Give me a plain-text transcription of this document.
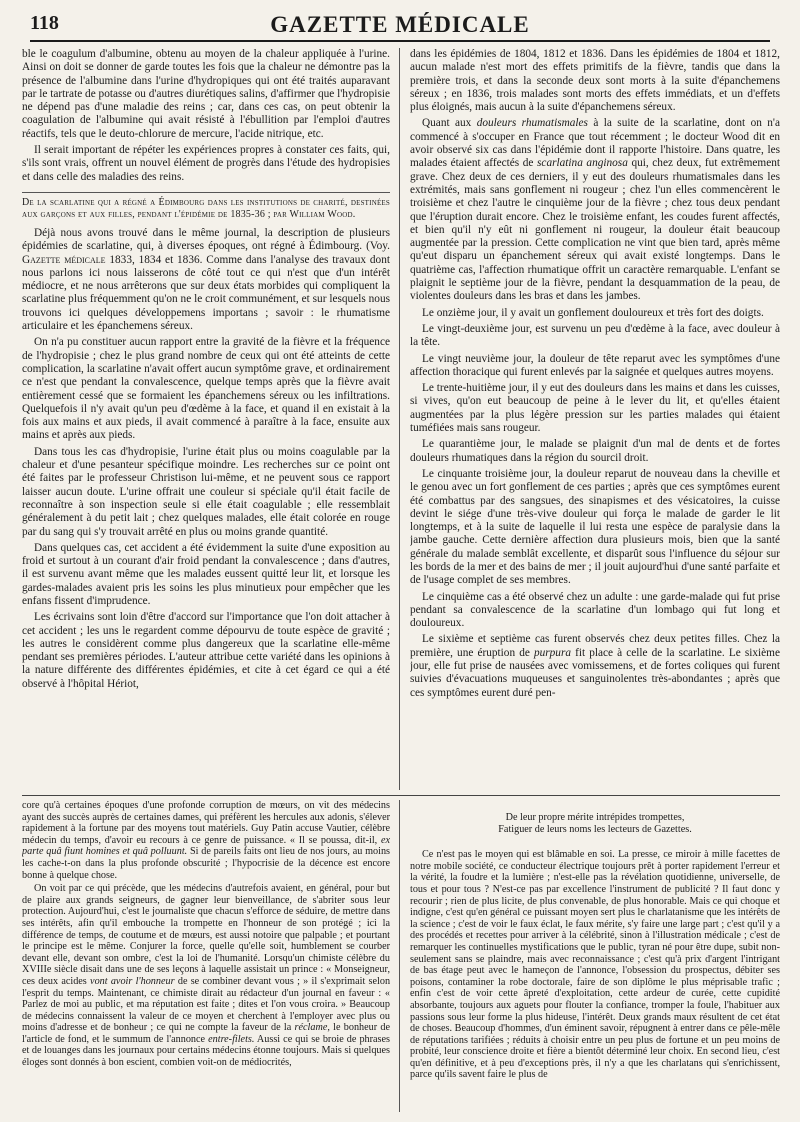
118	GAZETTE MÉDICALE

ble le coagulum d'albumine, obtenu au moyen de la chaleur appliquée à l'urine. Ainsi on doit se donner de garde toutes les fois que la chaleur ne démontre pas la présence de l'albumine dans l'urine d'hydropiques qui ont été traités auparavant par le tartrate de potasse ou d'autres diurétiques salins, d'affirmer que l'hydropisie ne dépend pas d'une maladie des reins ; car, dans ces cas, on peut obtenir la coagulation de l'albumine qui avait résisté à l'ébullition par l'emploi d'autres réactifs, tels que le deuto-chlorure de mercure, l'acide nitrique, etc.

Il serait important de répéter les expériences propres à constater ces faits, qui, s'ils sont vrais, offrent un nouvel élément de progrès dans l'étude des hydropisies et dans celle des maladies des reins.

De la scarlatine qui a régné a Édimbourg dans les institutions de charité, destinées aux garçons et aux filles, pendant l'épidémie de 1835-36 ; par William Wood.

Déjà nous avons trouvé dans le même journal, la description de plusieurs épidémies de scarlatine, qui, à diverses époques, ont régné à Édimbourg. (Voy. Gazette médicale 1833, 1834 et 1836. Comme dans l'analyse des travaux dont nous parlons ici nous laisserons de côté tout ce qui n'est que d'un intérêt médiocre, et ne nous arrêterons que sur deux états morbides qui compliquent la scarlatine plus fréquemment qu'on ne le croit communément, et sur lesquels nous trouvons ici quelques développemens importans ; savoir : le rhumatisme articulaire et les épanchemens séreux.

On n'a pu constituer aucun rapport entre la gravité de la fièvre et la fréquence de l'hydropisie ; chez le plus grand nombre de ceux qui ont été atteints de cette complication, la scarlatine n'avait offert aucun symptôme grave, et ordinairement ce n'est que pendant la convalescence, quelque temps après que la fièvre avait entièrement cessé que se formaient les épanchemens séreux ou les infiltrations. Quelquefois il n'y avait qu'un peu d'œdème à la face, et quand il en existait à la fois aux mains et aux pieds, il avait commencé à paraître à la face, ensuite aux mains et après aux pieds.

Dans tous les cas d'hydropisie, l'urine était plus ou moins coagulable par la chaleur et d'une pesanteur spécifique moindre. Les recherches sur ce point ont été faites par le professeur Christison lui-même, et ne peuvent sous ce rapport laisser aucun doute. L'urine offrait une couleur si spéciale qu'il était facile de reconnaître à son inspection seule si elle était coagulable ; elle ressemblait généralement à du petit lait ; chez quelques malades, elle était colorée en rouge par du sang qui s'y trouvait arrêté en plus ou moins grande quantité.

Dans quelques cas, cet accident a été évidemment la suite d'une exposition au froid et surtout à un courant d'air froid pendant la convalescence ; dans d'autres, il est survenu avant même que les malades eussent quitté leur lit, et lorsque les gardes-malades avaient pris les soins les plus minutieux pour empêcher que les enfans fissent d'imprudence.

Les écrivains sont loin d'être d'accord sur l'importance que l'on doit attacher à cet accident ; les uns le regardent comme dépourvu de toute espèce de gravité ; les autres le considèrent comme plus dangereux que la scarlatine elle-même pendant ses premières périodes. L'auteur attribue cette variété dans les opinions à la nature différente des différentes épidémies, et cite à cet égard ce qui a été observé à l'hôpital Hériot,

dans les épidémies de 1804, 1812 et 1836. Dans les épidémies de 1804 et 1812, aucun malade n'est mort des effets primitifs de la fièvre, tandis que dans la première trois, et dans la seconde deux sont morts à la suite d'épanchemens séreux ; en 1836, trois malades sont morts des effets immédiats, et un d'effets plus éloignés, mais aucun à la suite d'épanchemens séreux.

Quant aux douleurs rhumatismales à la suite de la scarlatine, dont on n'a commencé à s'occuper en France que tout récemment ; le docteur Wood dit en avoir observé six cas dans l'épidémie dont il rapporte l'histoire. Dans quatre, les malades étaient affectés de scarlatina anginosa qui, chez deux, fut extrêmement grave. Chez deux de ces derniers, il y eut des douleurs rhumatismales dans les extrémités, mais sans gonflement ni rougeur ; chez l'un elles commencèrent le troisième et chez l'autre le cinquième jour de la fièvre ; chez tous deux pendant que l'éruption durait encore. Chez le troisième enfant, les coudes furent affectés, et bien qu'il n'y eût ni gonflement ni rougeur, la douleur était beaucoup augmentée par la pression. Cette complication ne vint que bien tard, après même qu'eut disparu un épanchement séreux qui avait existé longtemps. Dans le quatrième cas, l'affection rhumatique offrit un caractère remarquable. L'enfant se plaignit le septième jour de la fièvre, pendant la desquammation de la peau, de violentes douleurs dans les bras et dans les jambes.

Le onzième jour, il y avait un gonflement douloureux et très fort des doigts.

Le vingt-deuxième jour, est survenu un peu d'œdème à la face, avec douleur à la tête.

Le vingt neuvième jour, la douleur de tête reparut avec les symptômes d'une affection thoracique qui furent enlevés par la saignée et quelques autres moyens.

Le trente-huitième jour, il y eut des douleurs dans les mains et dans les cuisses, si vives, qu'on eut beaucoup de peine à le lever du lit, et qu'elles étaient augmentées par la plus légère pression sur les parties malades qui étaient tuméfiées mais sans rougeur.

Le quarantième jour, le malade se plaignit d'un mal de dents et de fortes douleurs rhumatiques dans la région du sourcil droit.

Le cinquante troisième jour, la douleur reparut de nouveau dans la cheville et le genou avec un fort gonflement de ces parties ; après que ces symptômes eurent été combattus par des sangsues, des sinapismes et des vésicatoires, la cuisse devint le siége d'une très-vive douleur qui força le malade de garder le lit longtemps, et à la suite de laquelle il lui resta une espèce de paralysie dans la jambe gauche. Cette dernière affection dura plusieurs mois, bien que la santé générale du malade semblât excellente, et disparût sous l'influence du séjour sur les bords de la mer et des bains de mer ; il jouit aujourd'hui d'une santé parfaite et de l'usage complet de ses membres.

Le cinquième cas a été observé chez un adulte : une garde-malade qui fut prise pendant sa convalescence de la scarlatine d'un lombago qui fut long et douloureux.

Le sixième et septième cas furent observés chez deux petites filles. Chez la première, une éruption de purpura fit place à celle de la scarlatine. Le sixième jour, elle fut prise de nausées avec vomissemens, et de fortes coliques qui furent suivies d'évacuations muqueuses et sanguinolentes très-abondantes ; après que ces symptômes eurent duré pen-

core qu'à certaines époques d'une profonde corruption de mœurs, on vit des médecins ayant des succès auprès de certaines dames, qui préfèrent les hercules aux adonis, s'élever rapidement à la fortune par des moyens tout matériels. Guy Patin accuse Vautier, célèbre médecin du temps, d'avoir eu recours à ce genre de puissance. « Il se poussa, dit-il, ex parte quâ fiunt homines et quâ polluunt. Si de pareils faits ont lieu de nos jours, au moins les cache-t-on dans la plus profonde obscurité ; l'hypocrisie de la décence est encore bonne à quelque chose.

On voit par ce qui précède, que les médecins d'autrefois avaient, en général, pour but de plaire aux grands seigneurs, de gagner leur bienveillance, de s'abriter sous leur protection. Aujourd'hui, c'est le journaliste que chacun s'efforce de séduire, de mettre dans ses intérêts, afin qu'il embouche la trompette en l'honneur de son protégé ; ici la différence de temps, de coutume et de mœurs, est aussi notoire que palpable ; et pourtant le principe est le même. Conjurer la force, quelle qu'elle soit, humblement se courber devant elle, devant son ombre, c'est la loi de l'humanité. Lorsqu'un chimiste célèbre du XVIIIe siècle disait dans une de ses leçons à laquelle assistait un prince : « Monseigneur, ces deux acides vont avoir l'honneur de se combiner devant vous ; » il s'exprimait selon l'esprit du temps. Maintenant, ce chimiste dirait au rédacteur d'un journal en faveur : « Parlez de moi au public, et ma réputation est faite ; dites et l'on vous croira. » Beaucoup de médecins connaissent la valeur de ce moyen et cherchent à l'employer avec plus ou moins d'adresse et de bonheur ; ce qui ne compte la faveur de la réclame, le bonheur de l'article de fond, et le summum de l'annonce entre-filets. Aussi ce qui se broie de phrases et de louanges dans les journaux pour certains médecins étonne toujours. Mais si quelques éloges sont donnés à bon escient, combien voit-on de médiocrités,

De leur propre mérite intrépides trompettes,
Fatiguer de leurs noms les lecteurs de Gazettes.

Ce n'est pas le moyen qui est blâmable en soi. La presse, ce miroir à mille facettes de notre mobile société, ce conducteur électrique toujours prêt à porter rapidement l'erreur et la vérité, la foudre et la lumière ; n'est-elle pas la révélation quotidienne, universelle, de tous et pour tous ? N'est-ce pas par excellence l'instrument de publicité ? Il faut donc y recourir ; rien de plus licite, de plus convenable, de plus honorable. Mais ce qui choque et indigne, c'est qu'en général ce puissant moyen sert plus le charlatanisme que les intérêts de la science ; c'est de voir le faux éclat, le faux mérite, s'y faire une large part ; c'est qu'il y a des procédés et recettes pour arriver à la célébrité, sinon à l'illustration médicale ; c'est de remarquer les continuelles mystifications que le public, tyran né pour être dupe, subit non-seulement sans se plaindre, mais avec reconnaissance ; c'est qu'à prix d'argent l'intrigant de bas étage peut avec le hameçon de l'annonce, l'obsession du prospectus, débiter ses poisons, contaminer la robe doctorale, faire de son diplôme le plus méprisable trafic ; enfin c'est de voir cette âpreté d'exploitation, cette ardeur de curée, cette cupidité absorbante, toujours aux aguets pour flouter la confiance, tromper la foule, l'habituer aux passions sous leur forme la plus hideuse, l'intérêt. Deux grands maux résultent de cet état de choses. Beaucoup d'hommes, d'un éminent savoir, répugnent à entrer dans ce pêle-mêle de réputations tarifiées ; réduits à choisir entre un peu plus de fortune et un peu moins de probité, leur conscience droite et fière a bientôt déterminé leur choix. En second lieu, c'est qu'en définitive, et à peu d'exceptions près, il n'y a que les charlatans qui s'enrichissent, parce qu'ils savent faire le plus de
